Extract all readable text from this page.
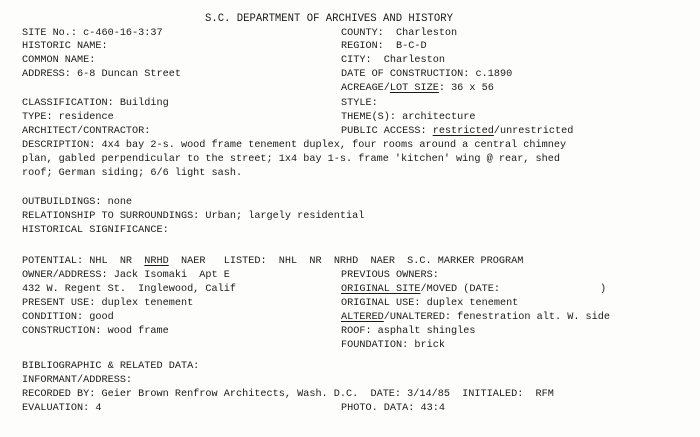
S.C. DEPARTMENT OF ARCHIVES AND HISTORY
SITE No.: c-460-16-3:37
HISTORIC NAME:
COMMON NAME:
ADDRESS: 6-8 Duncan Street
CLASSIFICATION: Building
TYPE: residence
ARCHITECT/CONTRACTOR:
COUNTY:  Charleston
REGION:  B-C-D
CITY:  Charleston
DATE OF CONSTRUCTION: c.1890
ACREAGE/LOT SIZE: 36 x 56
STYLE:
THEME(S): architecture
PUBLIC ACCESS: restricted/unrestricted
DESCRIPTION: 4x4 bay 2-s. wood frame tenement duplex, four rooms around a central chimney
plan, gabled perpendicular to the street; 1x4 bay 1-s. frame 'kitchen' wing @ rear, shed
roof; German siding; 6/6 light sash.
OUTBUILDINGS: none
RELATIONSHIP TO SURROUNDINGS: Urban; largely residential
HISTORICAL SIGNIFICANCE:
POTENTIAL: NHL  NR  NRHD  NAER   LISTED:  NHL  NR  NRHD  NAER  S.C. MARKER PROGRAM
OWNER/ADDRESS: Jack Isomaki  Apt E
432 W. Regent St.  Inglewood, Calif
PRESENT USE: duplex tenement
CONDITION: good
CONSTRUCTION: wood frame
PREVIOUS OWNERS:
ORIGINAL SITE/MOVED (DATE:	)
ORIGINAL USE: duplex tenement
ALTERED/UNALTERED: fenestration alt. W. side
ROOF: asphalt shingles
FOUNDATION: brick
BIBLIOGRAPHIC & RELATED DATA:
INFORMANT/ADDRESS:
RECORDED BY: Geier Brown Renfrow Architects, Wash. D.C.  DATE: 3/14/85  INITIALED:  RFM
EVALUATION: 4	PHOTO. DATA: 43:4
